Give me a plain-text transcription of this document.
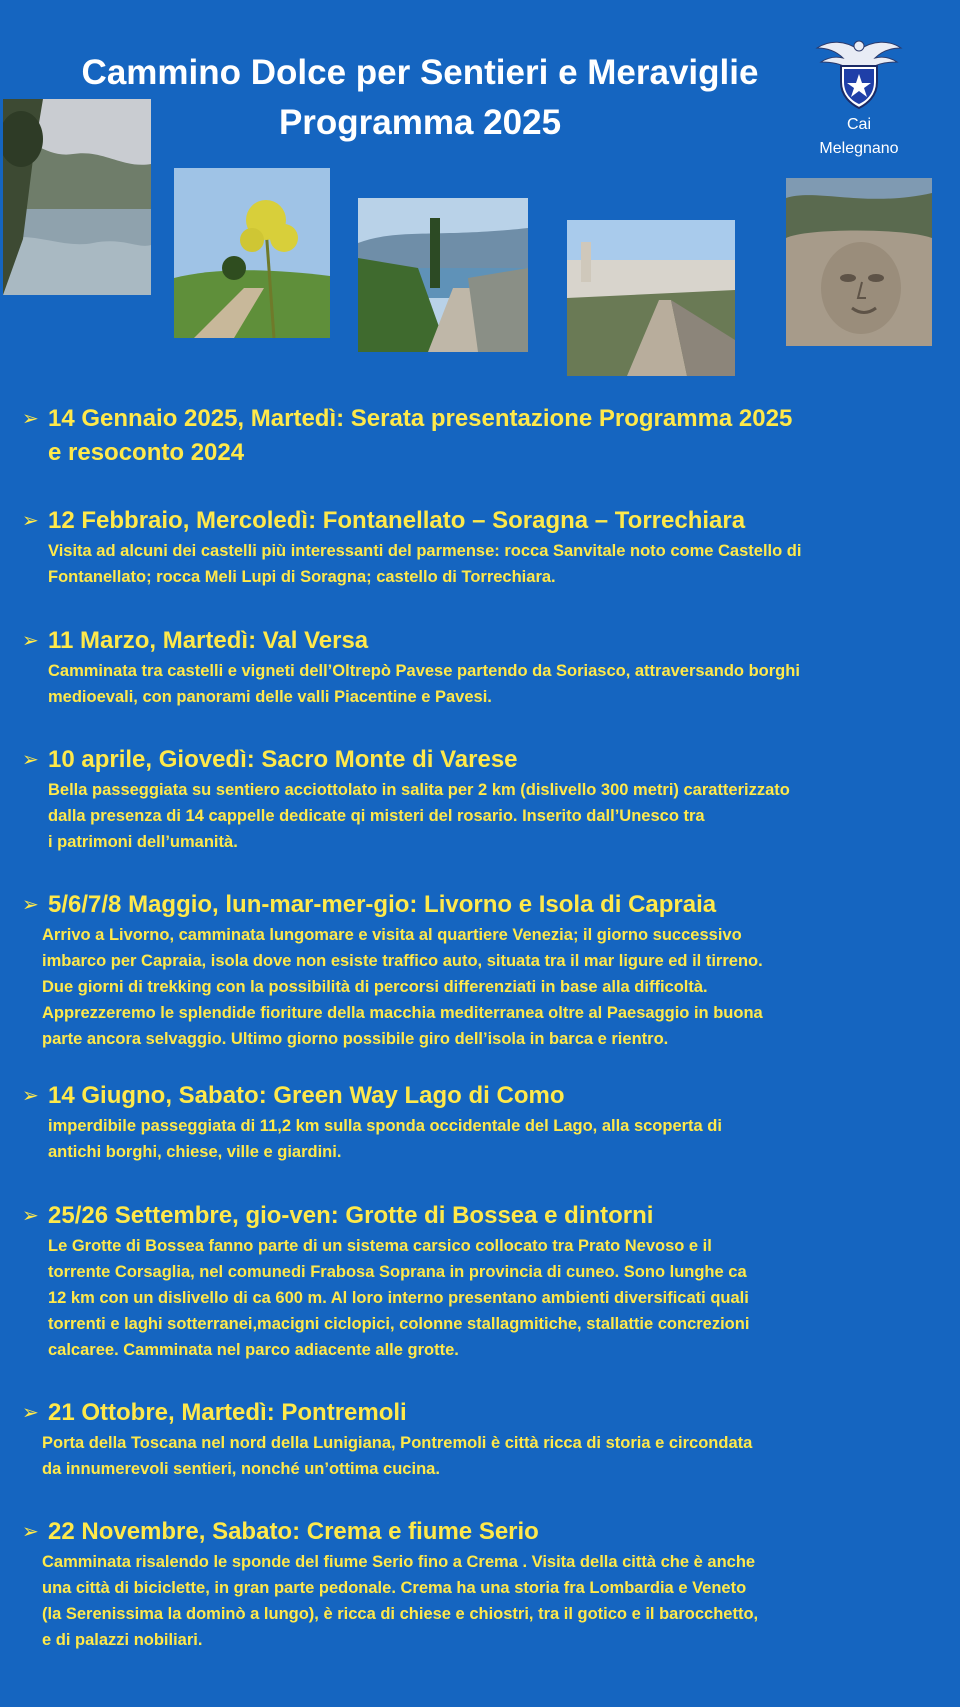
Cammino Dolce per Sentieri e Meraviglie
Programma 2025	Cai
Melegnano
➢ 14 Gennaio 2025, Martedì: Serata presentazione Programma 2025
e resoconto 2024
➢ 12 Febbraio, Mercoledì: Fontanellato – Soragna – Torrechiara
Visita ad alcuni dei castelli più interessanti del parmense: rocca Sanvitale noto come Castello di
Fontanellato; rocca Meli Lupi di Soragna; castello di Torrechiara.
➢ 11 Marzo, Martedì: Val Versa
Camminata tra castelli e vigneti dell’Oltrepò Pavese partendo da Soriasco, attraversando borghi
medioevali, con panorami delle valli Piacentine e Pavesi.
➢ 10 aprile, Giovedì: Sacro Monte di Varese
Bella passeggiata su sentiero acciottolato in salita per 2 km (dislivello 300 metri) caratterizzato
dalla presenza di 14 cappelle dedicate qi misteri del rosario. Inserito dall’Unesco tra
i patrimoni dell’umanità.
➢ 5/6/7/8 Maggio, lun-mar-mer-gio: Livorno e Isola di Capraia
Arrivo a Livorno, camminata lungomare e visita al quartiere Venezia; il giorno successivo
imbarco per Capraia, isola dove non esiste traffico auto, situata tra il mar ligure ed il tirreno.
Due giorni di trekking con la possibilità di percorsi differenziati in base alla difficoltà.
Apprezzeremo le splendide fioriture della macchia mediterranea oltre al Paesaggio in buona
parte ancora selvaggio. Ultimo giorno possibile giro dell’isola in barca e rientro.
➢ 14 Giugno, Sabato: Green Way Lago di Como
imperdibile passeggiata di 11,2 km sulla sponda occidentale del Lago, alla scoperta di
antichi borghi, chiese, ville e giardini.
➢ 25/26 Settembre, gio-ven: Grotte di Bossea e dintorni
Le Grotte di Bossea fanno parte di un sistema carsico collocato tra Prato Nevoso e il
torrente Corsaglia, nel comunedi Frabosa Soprana in provincia di cuneo. Sono lunghe ca
12 km con un dislivello di ca 600 m. Al loro interno presentano ambienti diversificati quali
torrenti e laghi sotterranei,macigni ciclopici, colonne stallagmitiche, stallattie concrezioni
calcaree. Camminata nel parco adiacente alle grotte.
➢ 21 Ottobre, Martedì: Pontremoli
Porta della Toscana nel nord della Lunigiana, Pontremoli è città ricca di storia e circondata
da innumerevoli sentieri, nonché un’ottima cucina.
➢ 22 Novembre, Sabato: Crema e fiume Serio
Camminata risalendo le sponde del fiume Serio fino a Crema . Visita della città che è anche
una città di biciclette, in gran parte pedonale. Crema ha una storia fra Lombardia e Veneto
(la Serenissima la dominò a lungo), è ricca di chiese e chiostri, tra il gotico e il barocchetto,
e di palazzi nobiliari.
